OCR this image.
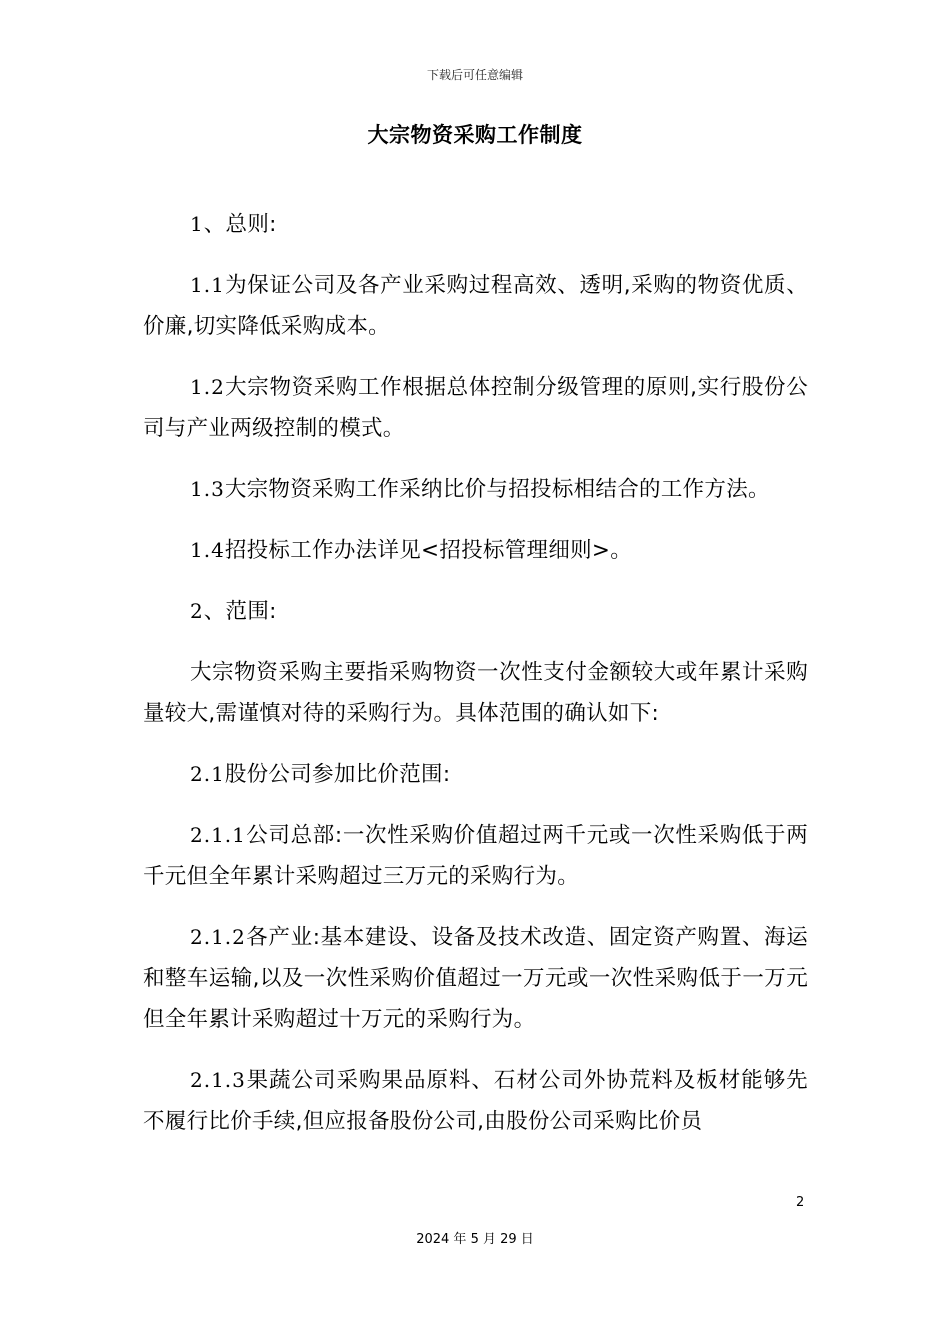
下载后可任意编辑
大宗物资采购工作制度

1、总则:

1.1为保证公司及各产业采购过程高效、透明,采购的物资优质、价廉,切实降低采购成本。

1.2大宗物资采购工作根据总体控制分级管理的原则,实行股份公司与产业两级控制的模式。

1.3大宗物资采购工作采纳比价与招投标相结合的工作方法。

1.4招投标工作办法详见<招投标管理细则>。

2、范围:

大宗物资采购主要指采购物资一次性支付金额较大或年累计采购量较大,需谨慎对待的采购行为。具体范围的确认如下:

2.1股份公司参加比价范围:

2.1.1公司总部:一次性采购价值超过两千元或一次性采购低于两千元但全年累计采购超过三万元的采购行为。

2.1.2各产业:基本建设、设备及技术改造、固定资产购置、海运和整车运输,以及一次性采购价值超过一万元或一次性采购低于一万元但全年累计采购超过十万元的采购行为。

2.1.3果蔬公司采购果品原料、石材公司外协荒料及板材能够先不履行比价手续,但应报备股份公司,由股份公司采购比价员

2
2024 年 5 月 29 日
